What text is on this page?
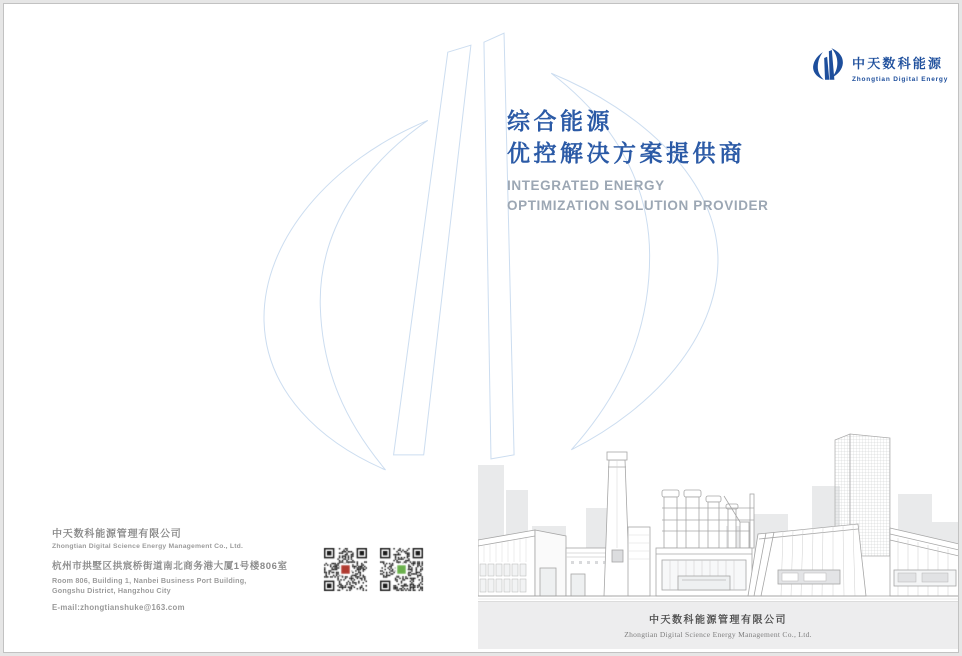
中天数科能源
Zhongtian Digital Energy
综合能源
优控解决方案提供商
INTEGRATED ENERGY
OPTIMIZATION SOLUTION PROVIDER
中天数科能源管理有限公司
Zhongtian Digital Science Energy Management Co., Ltd.
杭州市拱墅区拱宸桥街道南北商务港大厦1号楼806室
Room 806, Building 1, Nanbei Business Port Building,
Gongshu District, Hangzhou City
E-mail:zhongtianshuke@163.com
中天数科能源管理有限公司
Zhongtian Digital Science Energy Management Co., Ltd.
